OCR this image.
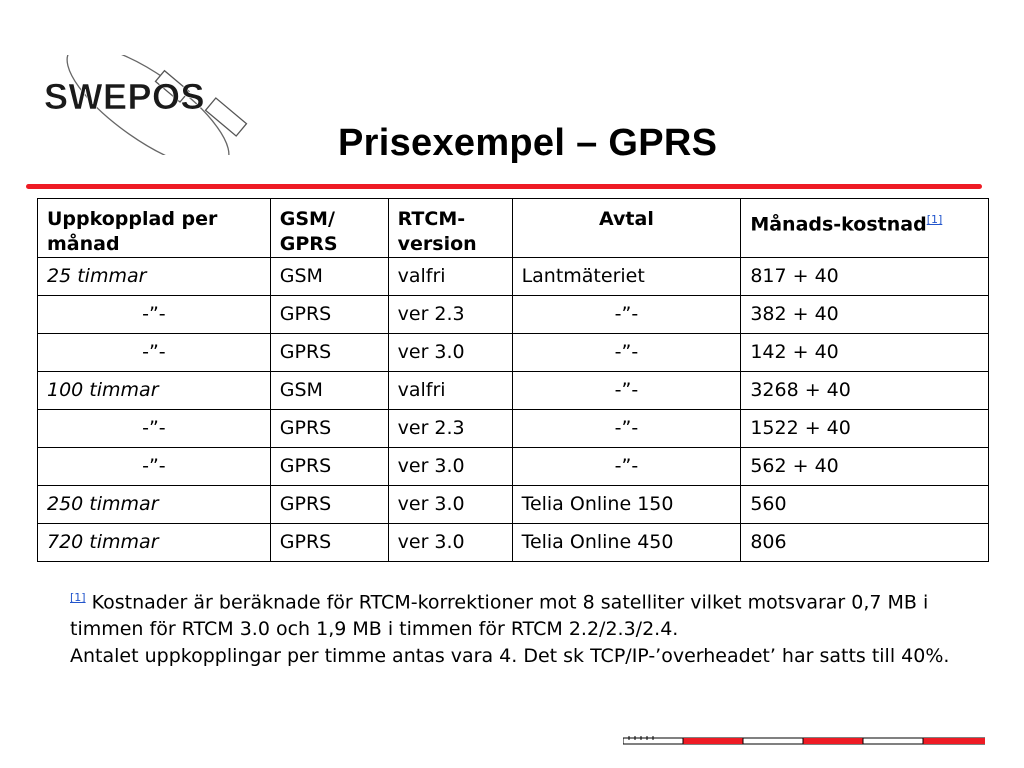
SWEPOS
Prisexempel – GPRS
Uppkopplad per månad	GSM/ GPRS	RTCM-version	Avtal	Månads-kostnad[1]
25 timmar	GSM	valfri	Lantmäteriet	817 + 40
-”-	GPRS	ver 2.3	-”-	382 + 40
-”-	GPRS	ver 3.0	-”-	142 + 40
100 timmar	GSM	valfri	-”-	3268 + 40
-”-	GPRS	ver 2.3	-”-	1522 + 40
-”-	GPRS	ver 3.0	-”-	562 + 40
250 timmar	GPRS	ver 3.0	Telia Online 150	560
720 timmar	GPRS	ver 3.0	Telia Online 450	806
[1] Kostnader är beräknade för RTCM-korrektioner mot 8 satelliter vilket motsvarar 0,7 MB i timmen för RTCM 3.0 och 1,9 MB i timmen för RTCM 2.2/2.3/2.4.
Antalet uppkopplingar per timme antas vara 4. Det sk TCP/IP-’overheadet’ har satts till 40%.
